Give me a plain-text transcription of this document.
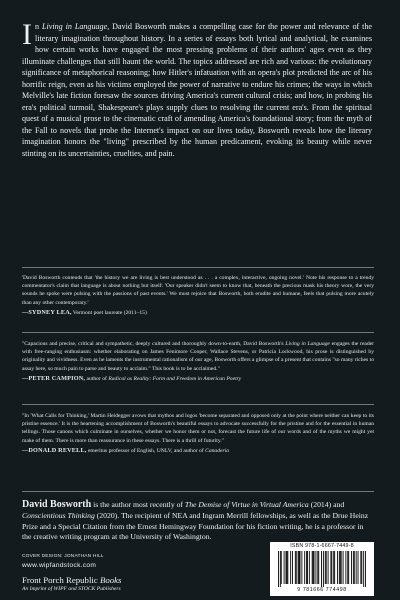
In Living in Language, David Bosworth makes a compelling case for the power and relevance of the literary imagination throughout history. In a series of essays both lyrical and analytical, he examines how certain works have engaged the most pressing problems of their authors' ages even as they illuminate challenges that still haunt the world. The topics addressed are rich and various: the evolutionary significance of metaphorical reasoning; how Hitler's infatuation with an opera's plot predicted the arc of his horrific reign, even as his victims employed the power of narrative to endure his crimes; the ways in which Melville's late fiction foresaw the sources driving America's current cultural crisis; and how, in probing his era's political turmoil, Shakespeare's plays supply clues to resolving the current era's. From the spiritual quest of a musical prose to the cinematic craft of amending America's foundational story; from the myth of the Fall to novels that probe the Internet's impact on our lives today, Bosworth reveals how the literary imagination honors the "living" prescribed by the human predicament, evoking its beauty while never stinting on its uncertainties, cruelties, and pain.

'David Bosworth contends that 'the history we are living is best understood as . . . a complex, interactive, ongoing novel.' Note his response to a trendy commentator's claim that language is about nothing but itself: 'Our speaker didn't seem to know that, beneath the precious mask his theory wore, the very sounds he spoke were pulsing with the passions of past events.' We must rejoice that Bosworth, both erudite and humane, feels that pulsing more acutely than any other contemporary.'

—SYDNEY LEA, Vermont poet laureate (2011–15)

"Capacious and precise, critical and sympathetic, deeply cultured and thoroughly down-to-earth, David Bosworth's Living in Language engages the reader with free-ranging enthusiasm: whether elaborating on James Fenimore Cooper, Wallace Stevens, or Patricia Lockwood, his prose is distinguished by originality and vividness. Even as he laments the instrumental rationalism of our age, Bosworth offers a glimpse of a present that contains "so many riches to assay here, so much pain to parse and beauty to acclaim." This book is to be acclaimed."

—PETER CAMPION, author of Radical as Reality: Form and Freedom in American Poetry

"In 'What Calls for Thinking,' Martin Heidegger avows that mythos and logos 'become separated and opposed only at the point where neither can keep to its pristine essence.' It is the heartening accomplishment of Bosworth's beautiful essays to advocate successfully for the pristine and for the essential in human tellings. Those canons which culminate in ourselves, whether we honor them or not, forecast the future life of our words and of the myths we might yet make of them. There is more than reassurance in these essays. There is a thrill of futurity."

—DONALD REVELL, emeritus professor of English, UNLV, and author of Canaderia

David Bosworth is the author most recently of The Demise of Virtue in Virtual America (2014) and Conscientious Thinking (2020). The recipient of NEA and Ingram Merrill fellowships, as well as the Drue Heinz Prize and a Special Citation from the Ernest Hemingway Foundation for his fiction writing, he is a professor in the creative writing program at the University of Washington.
COVER DESIGN: JONATHAN HILL
www.wipfandstock.com
Front Porch Republic Books
An Imprint of WIPF and STOCK Publishers
ISBN 978-1-6667-7449-8
9 781666 774498
